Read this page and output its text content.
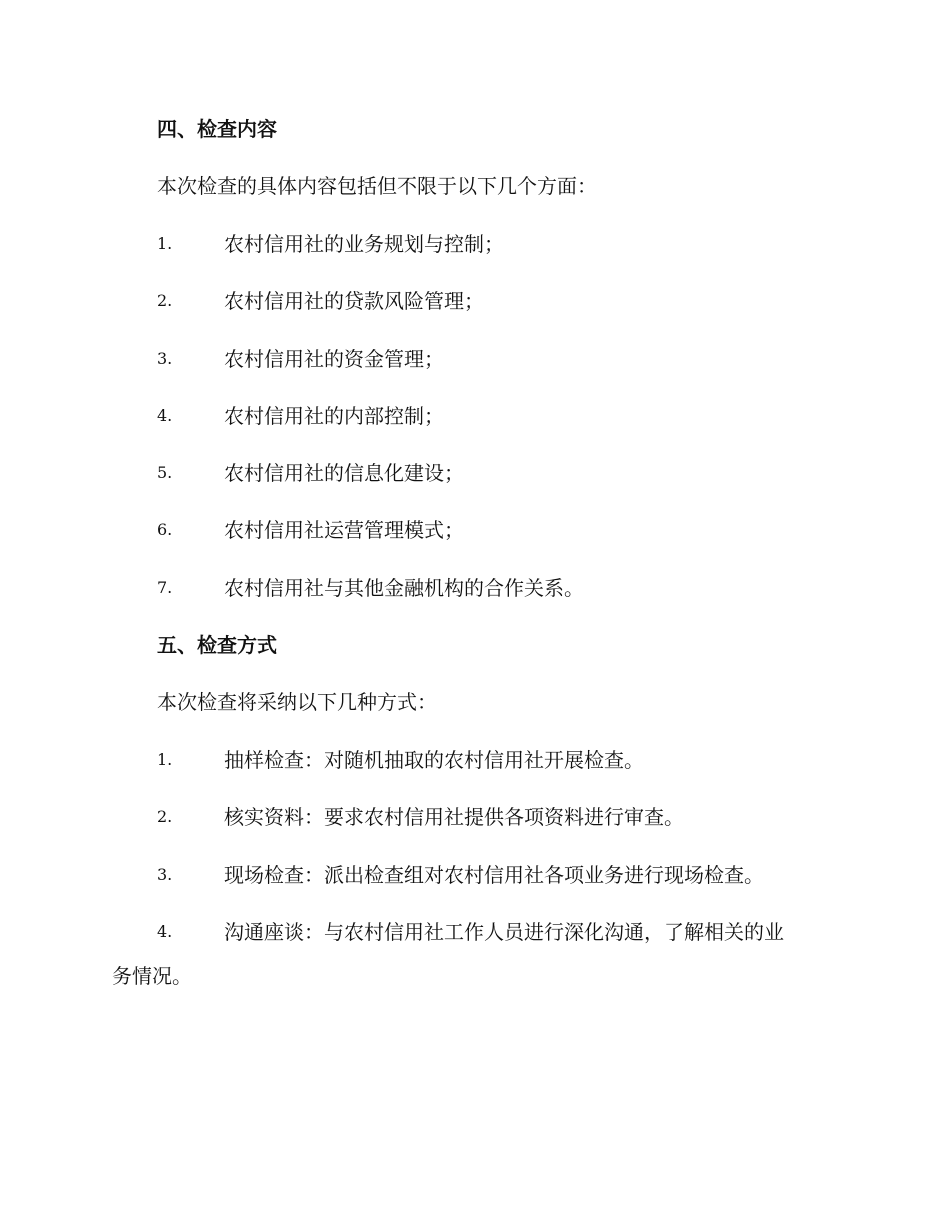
四、检查内容
本次检查的具体内容包括但不限于以下几个方面：
1.	农村信用社的业务规划与控制；
2.	农村信用社的贷款风险管理；
3.	农村信用社的资金管理；
4.	农村信用社的内部控制；
5.	农村信用社的信息化建设；
6.	农村信用社运营管理模式；
7.	农村信用社与其他金融机构的合作关系。
五、检查方式
本次检查将采纳以下几种方式：
1.	抽样检查：对随机抽取的农村信用社开展检查。
2.	核实资料：要求农村信用社提供各项资料进行审查。
3.	现场检查：派出检查组对农村信用社各项业务进行现场检查。
4.	沟通座谈：与农村信用社工作人员进行深化沟通，了解相关的业
务情况。
